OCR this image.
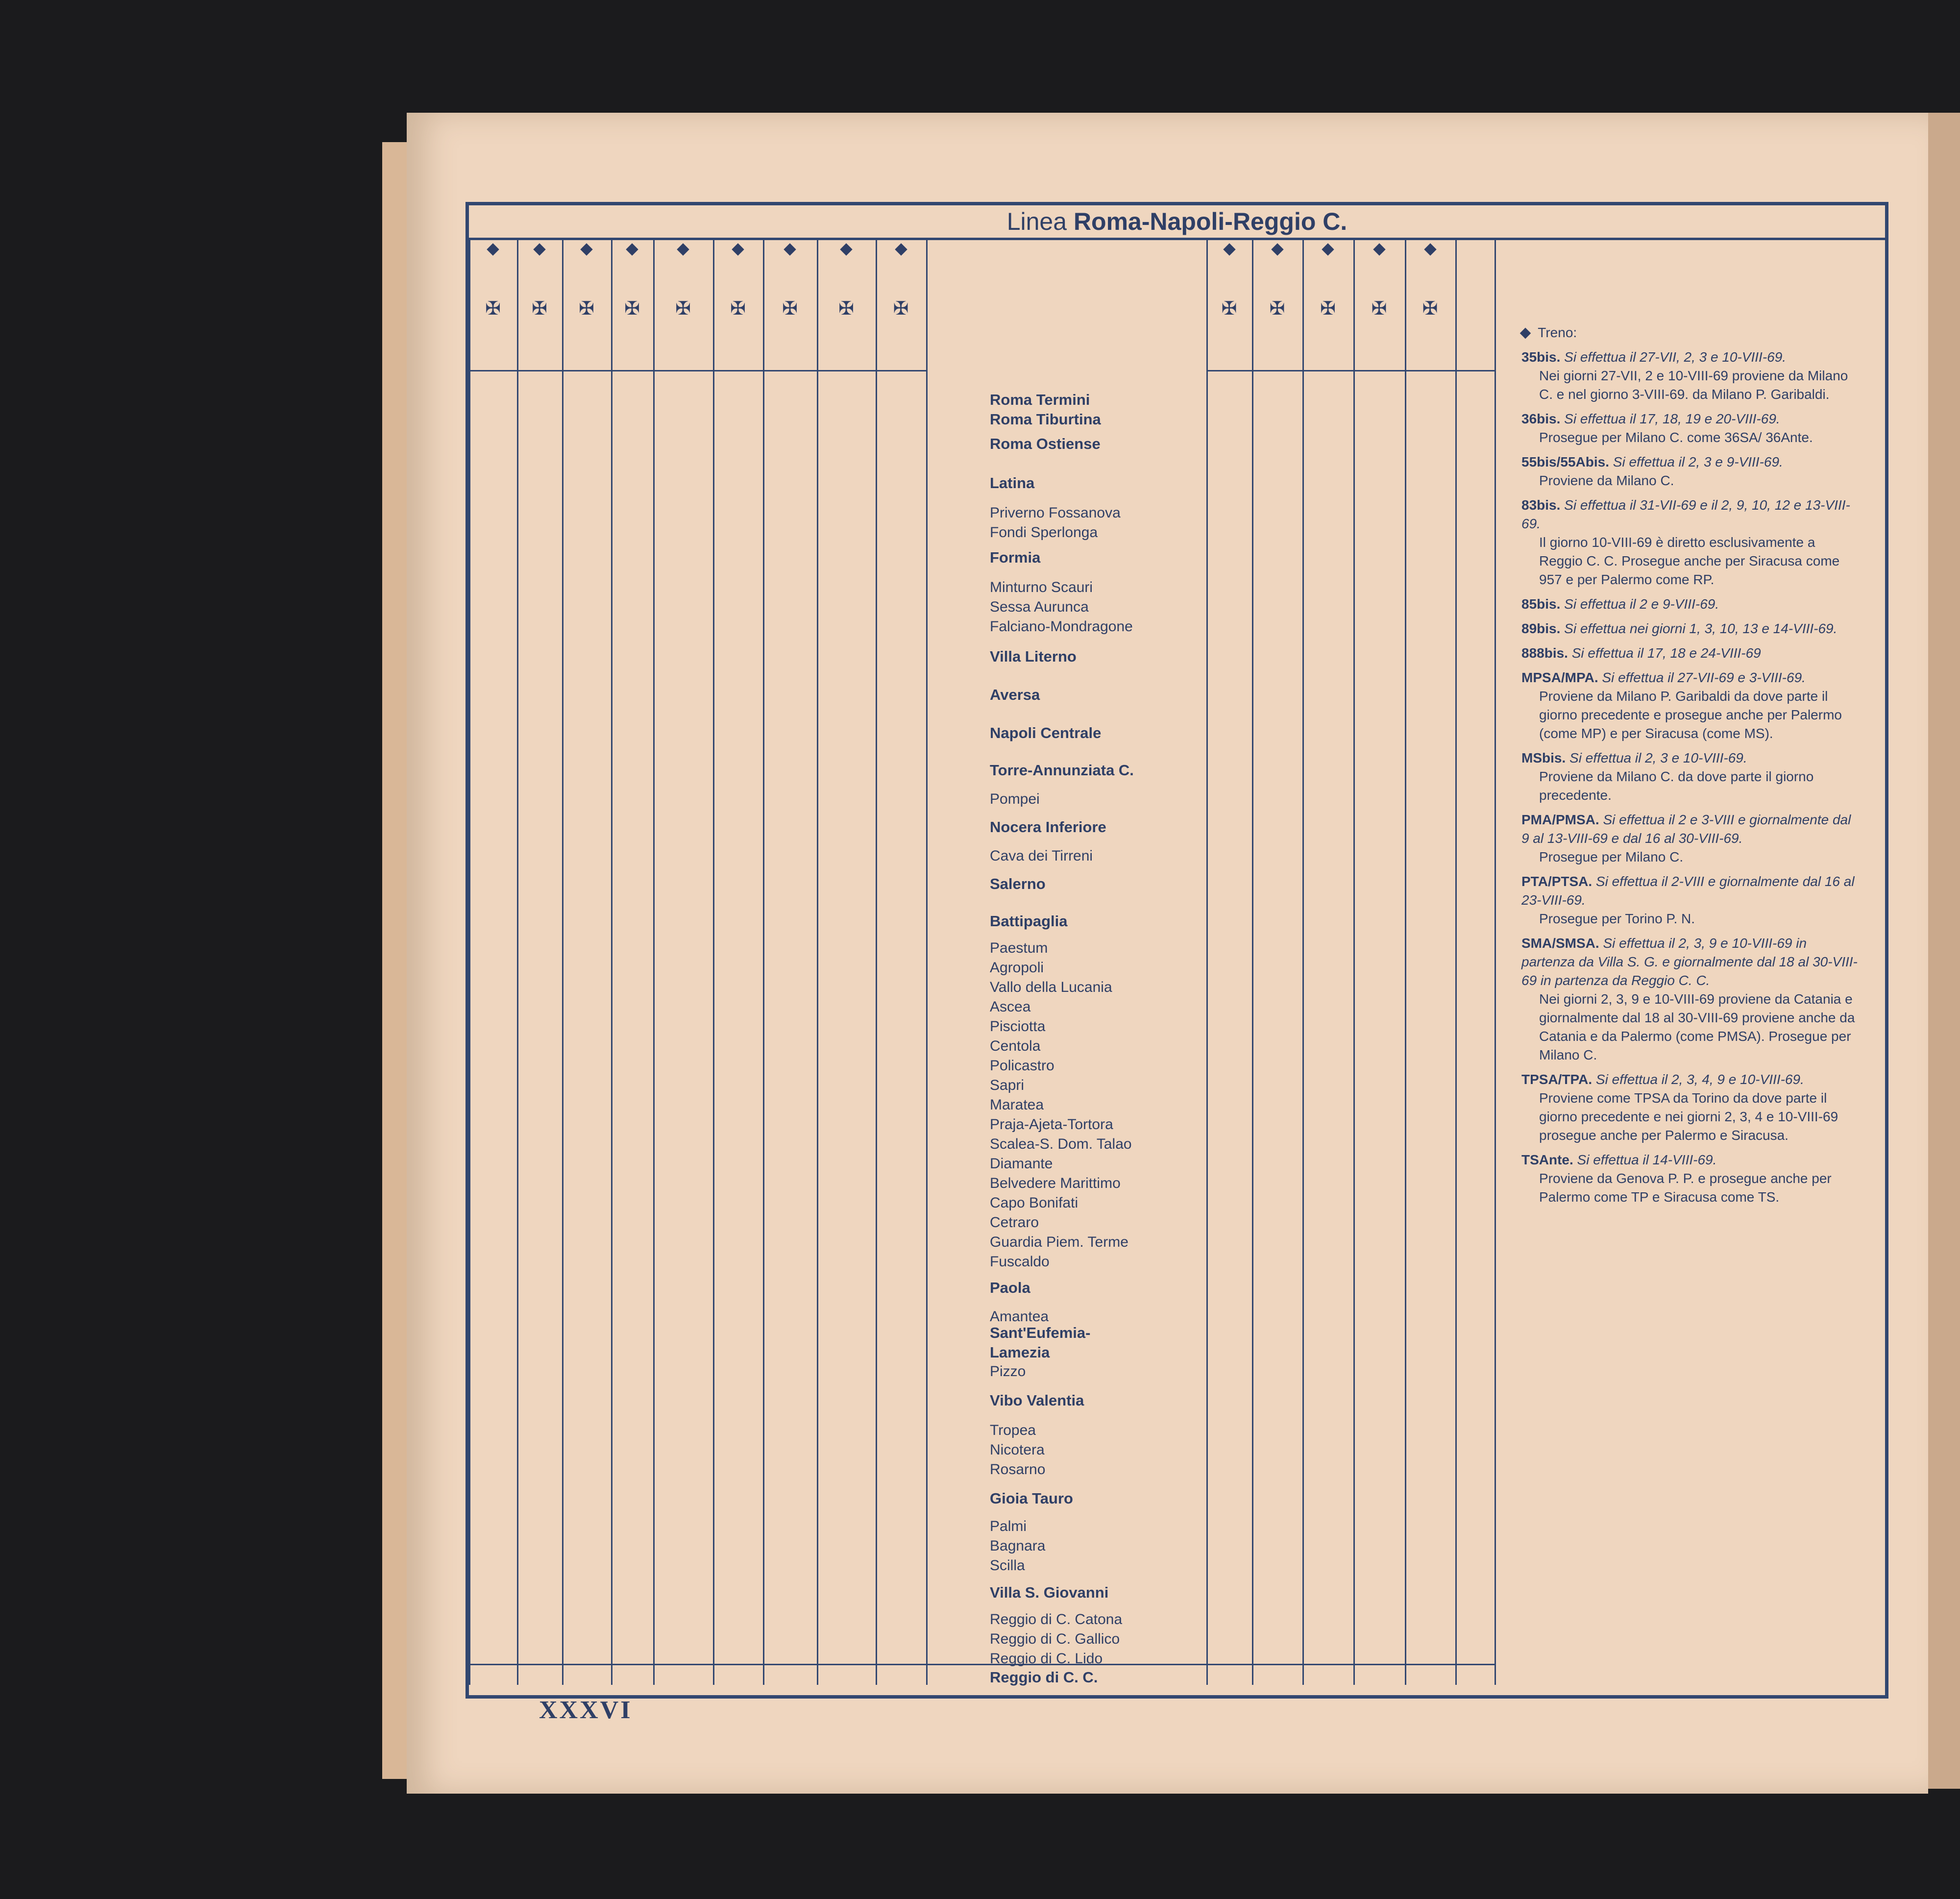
Linea Roma-Napoli-Reggio C.
✠	✠	✠	✠	✠	✠	✠	✠	✠	✠	✠	✠	✠	✠
Roma Termini
Roma Tiburtina
Roma Ostiense
Latina
Priverno Fossanova
Fondi Sperlonga
Formia
Minturno Scauri
Sessa Aurunca
Falciano-Mondragone
Villa Literno
Aversa
Napoli Centrale
Torre-Annunziata C.
Pompei
Nocera Inferiore
Cava dei Tirreni
Salerno
Battipaglia
Paestum
Agropoli
Vallo della Lucania
Ascea
Pisciotta
Centola
Policastro
Sapri
Maratea
Praja-Ajeta-Tortora
Scalea-S. Dom. Talao
Diamante
Belvedere Marittimo
Capo Bonifati
Cetraro
Guardia Piem. Terme
Fuscaldo
Paola
Amantea
Sant'Eufemia-
Lamezia
Pizzo
Vibo Valentia
Tropea
Nicotera
Rosarno
Gioia Tauro
Palmi
Bagnara
Scilla
Villa S. Giovanni
Reggio di C. Catona
Reggio di C. Gallico
Reggio di C. Lido
Reggio di C. C.
Treno:
35bis. Si effettua il 27-VII, 2, 3 e 10-VIII-69.
Nei giorni 27-VII, 2 e 10-VIII-69 proviene da Milano C. e nel giorno 3-VIII-69. da Milano P. Garibaldi.
36bis. Si effettua il 17, 18, 19 e 20-VIII-69.
Prosegue per Milano C. come 36SA/ 36Ante.
55bis/55Abis. Si effettua il 2, 3 e 9-VIII-69.
Proviene da Milano C.
83bis. Si effettua il 31-VII-69 e il 2, 9, 10, 12 e 13-VIII-69.
Il giorno 10-VIII-69 è diretto esclusivamente a Reggio C. C. Prosegue anche per Siracusa come 957 e per Palermo come RP.
85bis. Si effettua il 2 e 9-VIII-69.
89bis. Si effettua nei giorni 1, 3, 10, 13 e 14-VIII-69.
888bis. Si effettua il 17, 18 e 24-VIII-69
MPSA/MPA. Si effettua il 27-VII-69 e 3-VIII-69.
Proviene da Milano P. Garibaldi da dove parte il giorno precedente e prosegue anche per Palermo (come MP) e per Siracusa (come MS).
MSbis. Si effettua il 2, 3 e 10-VIII-69.
Proviene da Milano C. da dove parte il giorno precedente.
PMA/PMSA. Si effettua il 2 e 3-VIII e giornalmente dal 9 al 13-VIII-69 e dal 16 al 30-VIII-69.
Prosegue per Milano C.
PTA/PTSA. Si effettua il 2-VIII e giornalmente dal 16 al 23-VIII-69.
Prosegue per Torino P. N.
SMA/SMSA. Si effettua il 2, 3, 9 e 10-VIII-69 in partenza da Villa S. G. e giornalmente dal 18 al 30-VIII-69 in partenza da Reggio C. C.
Nei giorni 2, 3, 9 e 10-VIII-69 proviene da Catania e giornalmente dal 18 al 30-VIII-69 proviene anche da Catania e da Palermo (come PMSA). Prosegue per Milano C.
TPSA/TPA. Si effettua il 2, 3, 4, 9 e 10-VIII-69.
Proviene come TPSA da Torino da dove parte il giorno precedente e nei giorni 2, 3, 4 e 10-VIII-69 prosegue anche per Palermo e Siracusa.
TSAnte. Si effettua il 14-VIII-69.
Proviene da Genova P. P. e prosegue anche per Palermo come TP e Siracusa come TS.
XXXVI
